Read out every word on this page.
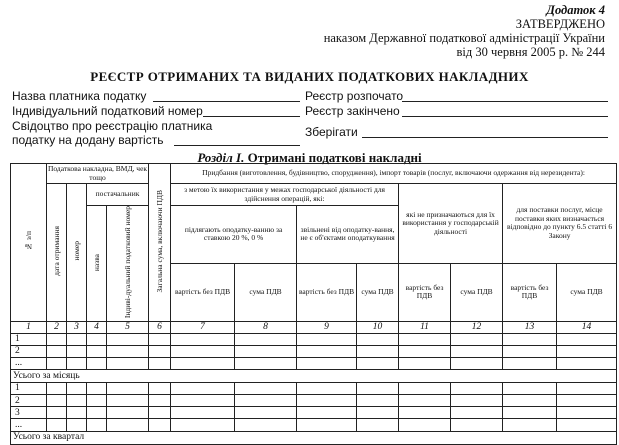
Додаток 4
ЗАТВЕРДЖЕНО
наказом Державної податкової адміністрації України
від 30 червня 2005 р. № 244
РЕЄСТР ОТРИМАНИХ ТА ВИДАНИХ ПОДАТКОВИХ НАКЛАДНИХ
Назва платника податку
Індивідуальний податковий номер
Свідоцтво про реєстрацію платника
податку на додану вартість
Реєстр розпочато
Реєстр закінчено
Зберігати
Розділ I. Отримані податкові накладні
№ з/п	Податкова накладна, ВМД, чек тощо				Загальна сума, включаючи ПДВ	Придбання (виготовлення, будівництво, спорудження), імпорт товарів (послуг, включаючи одержання від нерезидента):							
	дата отримання	номер	постачальник			з метою їх використання у межах господарської діяльності для здійснення операцій, які:				які не призначаються для їх використання у господарській діяльності		для поставки послуг, місце поставки яких визначається відповідно до пункту 6.5 статті 6 Закону	
			назва	Індиві-дуальний податковий номер		підлягають оподатку-ванню за ставкою 20 %, 0 %		звільнені від оподатку-вання, не є об'єктами оподаткування					
						вартість без ПДВ	сума ПДВ	вартість без ПДВ	сума ПДВ	вартість без ПДВ	сума ПДВ	вартість без ПДВ	сума ПДВ
1	2	3	4	5	6	7	8	9	10	11	12	13	14
1													
2													
...													
Усього за місяць													
1													
2													
3													
...													
Усього за квартал													
